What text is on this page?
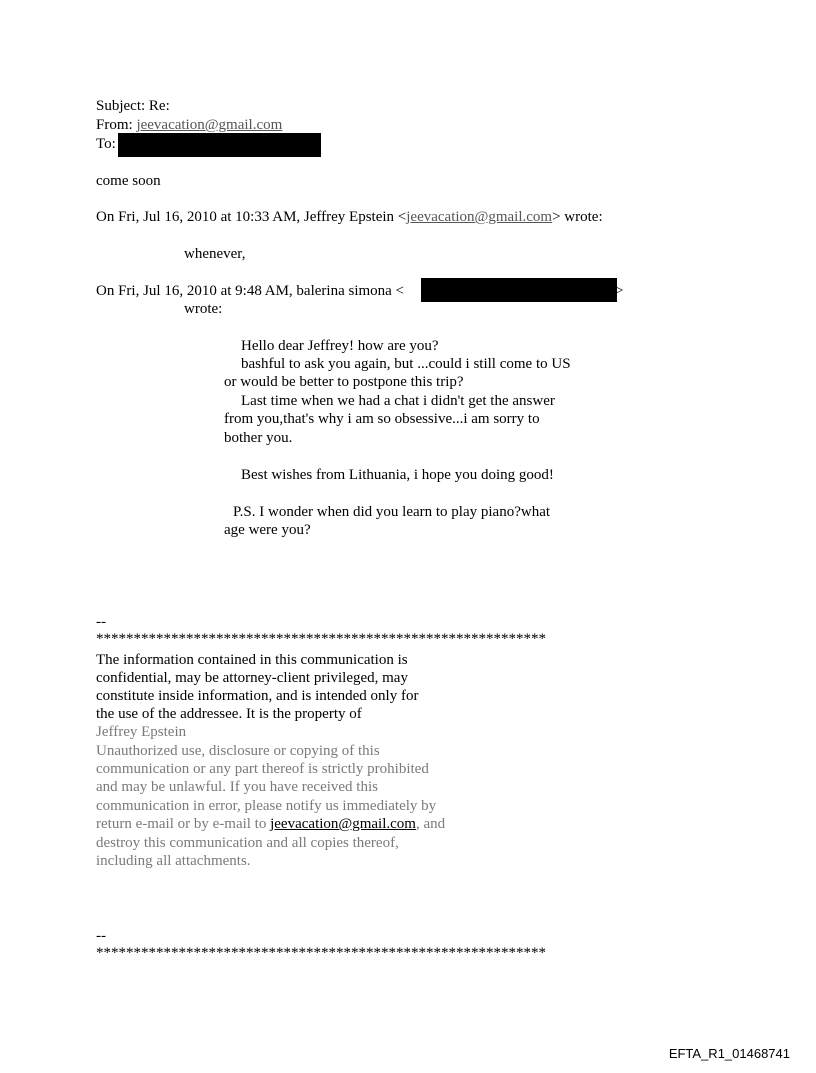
Subject: Re:
From: jeevacation@gmail.com
To:
come soon
On Fri, Jul 16, 2010 at 10:33 AM, Jeffrey Epstein <jeevacation@gmail.com> wrote:
whenever,
On Fri, Jul 16, 2010 at 9:48 AM, balerina simona <	>
wrote:
Hello dear Jeffrey! how are you?
bashful to ask you again, but ...could i still come to US
or would be better to postpone this trip?
Last time when we had a chat i didn't get the answer
from you,that's why i am so obsessive...i am sorry to
bother you.
Best wishes from Lithuania, i hope you doing good!
P.S. I wonder when did you learn to play piano?what
age were you?
--
************************************************************
The information contained in this communication is
confidential, may be attorney-client privileged, may
constitute inside information, and is intended only for
the use of the addressee. It is the property of
Jeffrey Epstein
Unauthorized use, disclosure or copying of this
communication or any part thereof is strictly prohibited
and may be unlawful. If you have received this
communication in error, please notify us immediately by
return e-mail or by e-mail to jeevacation@gmail.com, and
destroy this communication and all copies thereof,
including all attachments.
--
************************************************************
EFTA_R1_01468741
